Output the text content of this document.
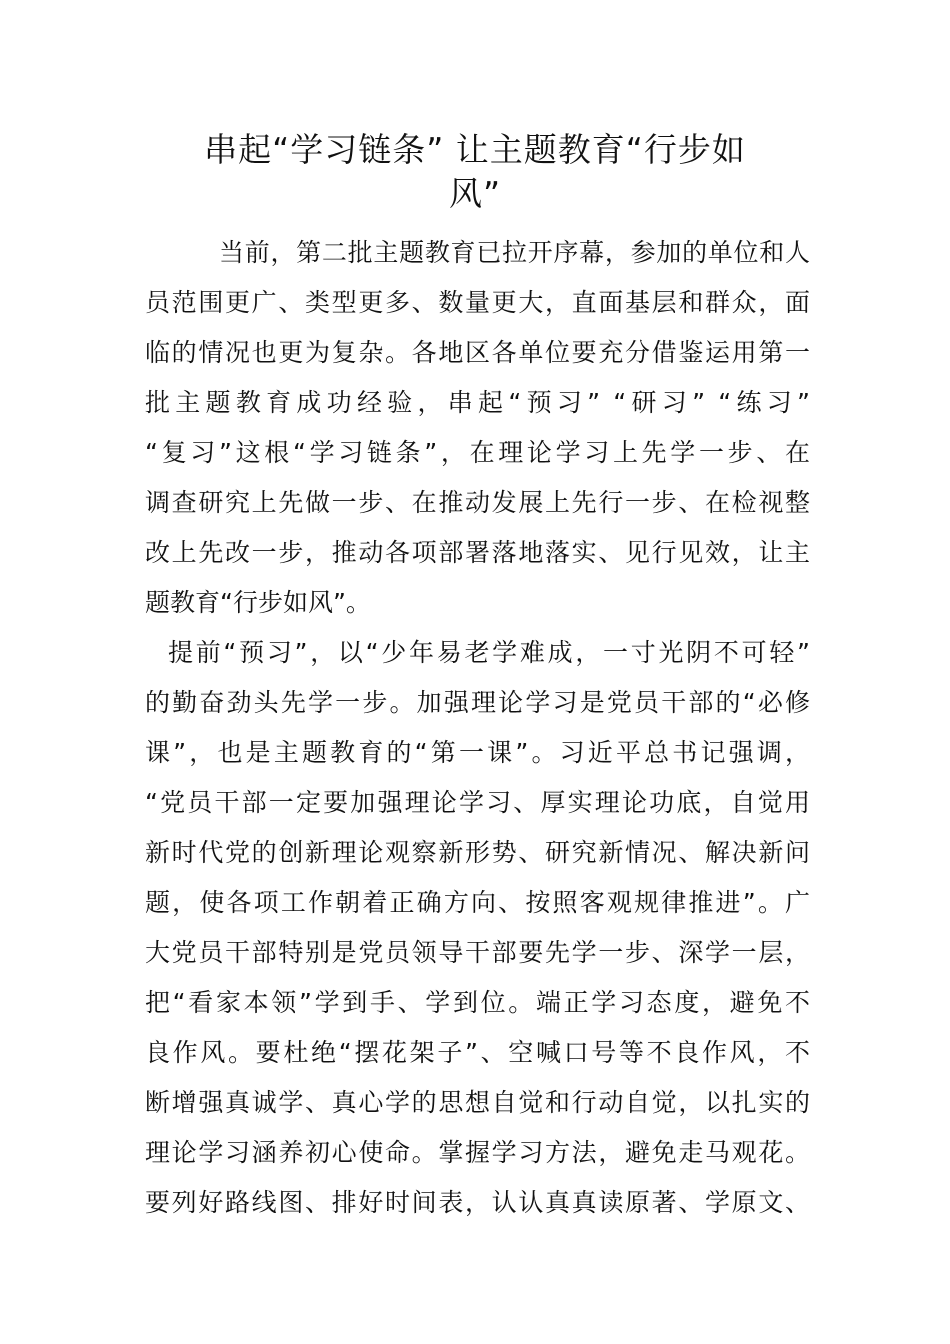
串起“学习链条” 让主题教育“行步如
风”
当前，第二批主题教育已拉开序幕，参加的单位和人
员范围更广、类型更多、数量更大，直面基层和群众，面
临的情况也更为复杂。各地区各单位要充分借鉴运用第一
批主题教育成功经验，串起“预习” “研习” “练习”
“复习”这根“学习链条”，在理论学习上先学一步、在
调查研究上先做一步、在推动发展上先行一步、在检视整
改上先改一步，推动各项部署落地落实、见行见效，让主
题教育“行步如风”。
提前“预习”，以“少年易老学难成，一寸光阴不可轻”
的勤奋劲头先学一步。加强理论学习是党员干部的“必修
课”，也是主题教育的“第一课”。习近平总书记强调，
“党员干部一定要加强理论学习、厚实理论功底，自觉用
新时代党的创新理论观察新形势、研究新情况、解决新问
题，使各项工作朝着正确方向、按照客观规律推进”。广
大党员干部特别是党员领导干部要先学一步、深学一层，
把“看家本领”学到手、学到位。端正学习态度，避免不
良作风。要杜绝“摆花架子”、空喊口号等不良作风，不
断增强真诚学、真心学的思想自觉和行动自觉，以扎实的
理论学习涵养初心使命。掌握学习方法，避免走马观花。
要列好路线图、排好时间表，认认真真读原著、学原文、
